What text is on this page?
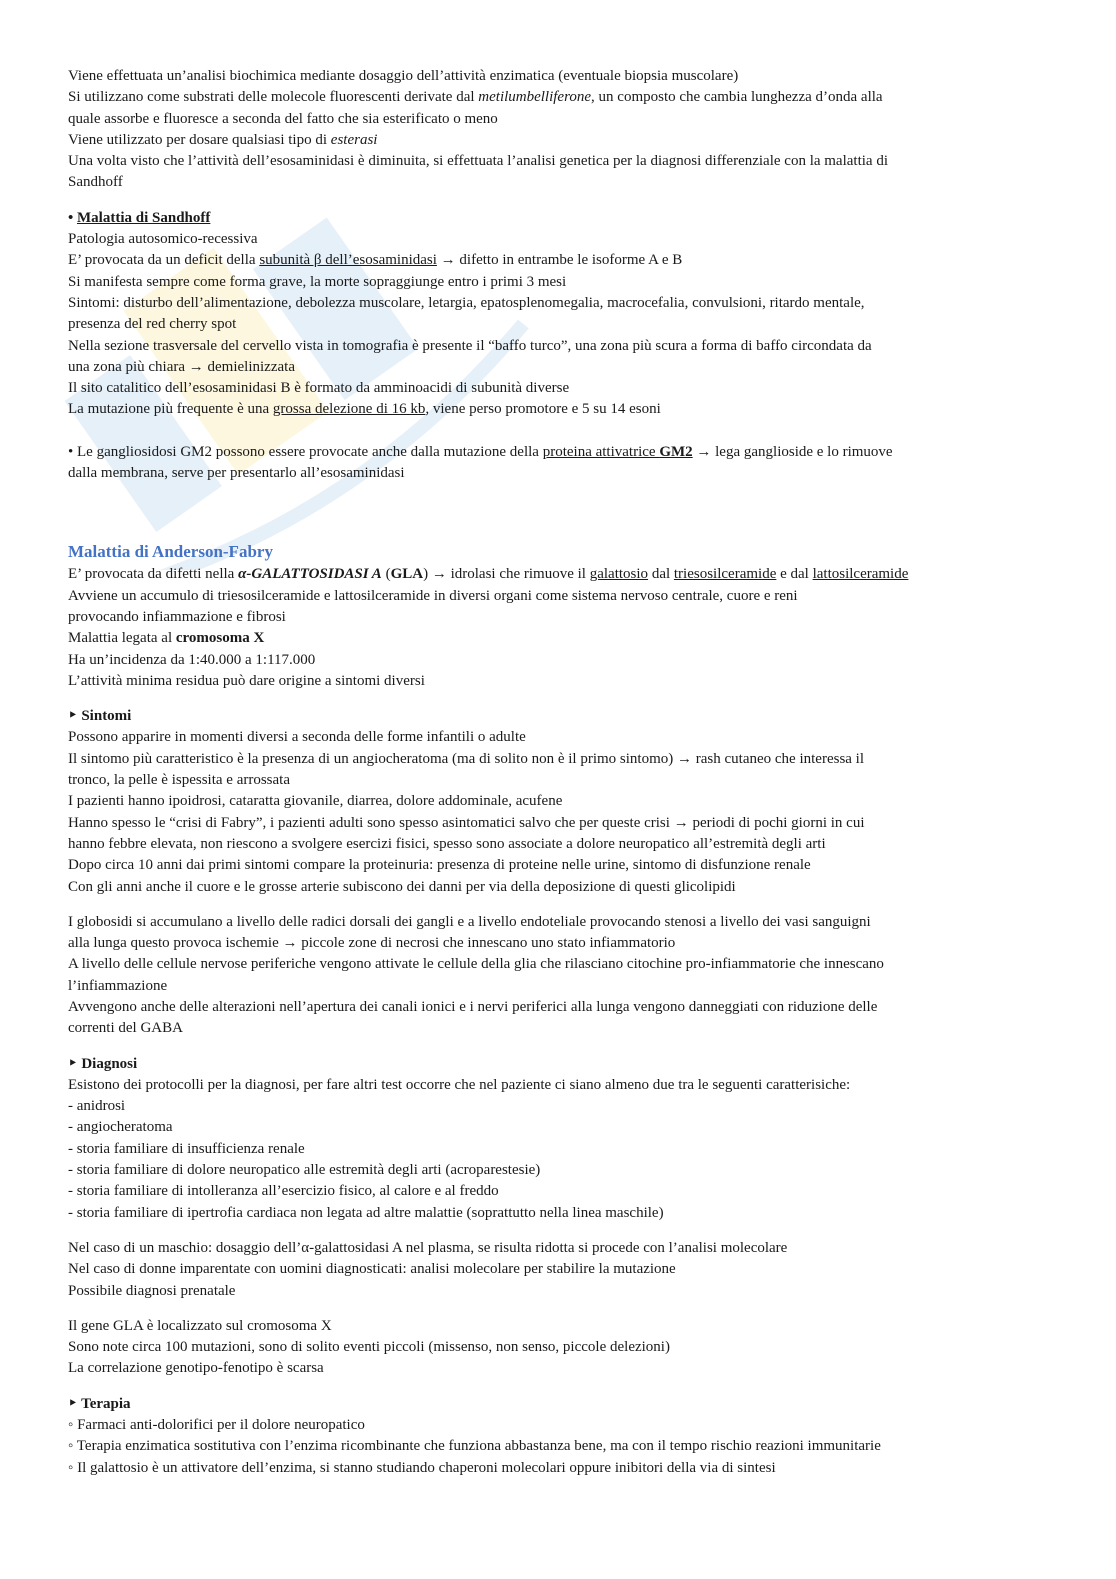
Viene effettuata un’analisi biochimica mediante dosaggio dell’attività enzimatica (eventuale biopsia muscolare)
Si utilizzano come substrati delle molecole fluorescenti derivate dal metilumbelliferone, un composto che cambia lunghezza d’onda alla
quale assorbe e fluoresce a seconda del fatto che sia esterificato o meno
Viene utilizzato per dosare qualsiasi tipo di esterasi
Una volta visto che l’attività dell’esosaminidasi è diminuita, si effettuata l’analisi genetica per la diagnosi differenziale con la malattia di
Sandhoff
• Malattia di Sandhoff
Patologia autosomico-recessiva
E’ provocata da un deficit della subunità β dell’esosaminidasi → difetto in entrambe le isoforme A e B
Si manifesta sempre come forma grave, la morte sopraggiunge entro i primi 3 mesi
Sintomi: disturbo dell’alimentazione, debolezza muscolare, letargia, epatosplenomegalia, macrocefalia, convulsioni, ritardo mentale,
presenza del red cherry spot
Nella sezione trasversale del cervello vista in tomografia è presente il “baffo turco”, una zona più scura a forma di baffo circondata da
una zona più chiara → demielinizzata
Il sito catalitico dell’esosaminidasi B è formato da amminoacidi di subunità diverse
La mutazione più frequente è una grossa delezione di 16 kb, viene perso promotore e 5 su 14 esoni
• Le gangliosidosi GM2 possono essere provocate anche dalla mutazione della proteina attivatrice GM2 → lega ganglioside e lo rimuove
dalla membrana, serve per presentarlo all’esosaminidasi
Malattia di Anderson-Fabry
E’ provocata da difetti nella α-GALATTOSIDASI A (GLA) → idrolasi che rimuove il galattosio dal triesosilceramide e dal lattosilceramide
Avviene un accumulo di triesosilceramide e lattosilceramide in diversi organi come sistema nervoso centrale, cuore e reni
provocando infiammazione e fibrosi
Malattia legata al cromosoma X
Ha un’incidenza da 1:40.000 a 1:117.000
L’attività minima residua può dare origine a sintomi diversi
‣ Sintomi
Possono apparire in momenti diversi a seconda delle forme infantili o adulte
Il sintomo più caratteristico è la presenza di un angiocheratoma (ma di solito non è il primo sintomo) → rash cutaneo che interessa il
tronco, la pelle è ispessita e arrossata
I pazienti hanno ipoidrosi, cataratta giovanile, diarrea, dolore addominale, acufene
Hanno spesso le “crisi di Fabry”, i pazienti adulti sono spesso asintomatici salvo che per queste crisi → periodi di pochi giorni in cui
hanno febbre elevata, non riescono a svolgere esercizi fisici, spesso sono associate a dolore neuropatico all’estremità degli arti
Dopo circa 10 anni dai primi sintomi compare la proteinuria: presenza di proteine nelle urine, sintomo di disfunzione renale
Con gli anni anche il cuore e le grosse arterie subiscono dei danni per via della deposizione di questi glicolipidi
I globosidi si accumulano a livello delle radici dorsali dei gangli e a livello endoteliale provocando stenosi a livello dei vasi sanguigni
alla lunga questo provoca ischemie → piccole zone di necrosi che innescano uno stato infiammatorio
A livello delle cellule nervose periferiche vengono attivate le cellule della glia che rilasciano citochine pro-infiammatorie che innescano
l’infiammazione
Avvengono anche delle alterazioni nell’apertura dei canali ionici e i nervi periferici alla lunga vengono danneggiati con riduzione delle
correnti del GABA
‣ Diagnosi
Esistono dei protocolli per la diagnosi, per fare altri test occorre che nel paziente ci siano almeno due tra le seguenti caratterisiche:
- anidrosi
- angiocheratoma
- storia familiare di insufficienza renale
- storia familiare di dolore neuropatico alle estremità degli arti (acroparestesie)
- storia familiare di intolleranza all’esercizio fisico, al calore e al freddo
- storia familiare di ipertrofia cardiaca non legata ad altre malattie (soprattutto nella linea maschile)
Nel caso di un maschio: dosaggio dell’α-galattosidasi A nel plasma, se risulta ridotta si procede con l’analisi molecolare
Nel caso di donne imparentate con uomini diagnosticati: analisi molecolare per stabilire la mutazione
Possibile diagnosi prenatale
Il gene GLA è localizzato sul cromosoma X
Sono note circa 100 mutazioni, sono di solito eventi piccoli (missenso, non senso, piccole delezioni)
La correlazione genotipo-fenotipo è scarsa
‣ Terapia
◦ Farmaci anti-dolorifici per il dolore neuropatico
◦ Terapia enzimatica sostitutiva con l’enzima ricombinante che funziona abbastanza bene, ma con il tempo rischio reazioni immunitarie
◦ Il galattosio è un attivatore dell’enzima, si stanno studiando chaperoni molecolari oppure inibitori della via di sintesi
